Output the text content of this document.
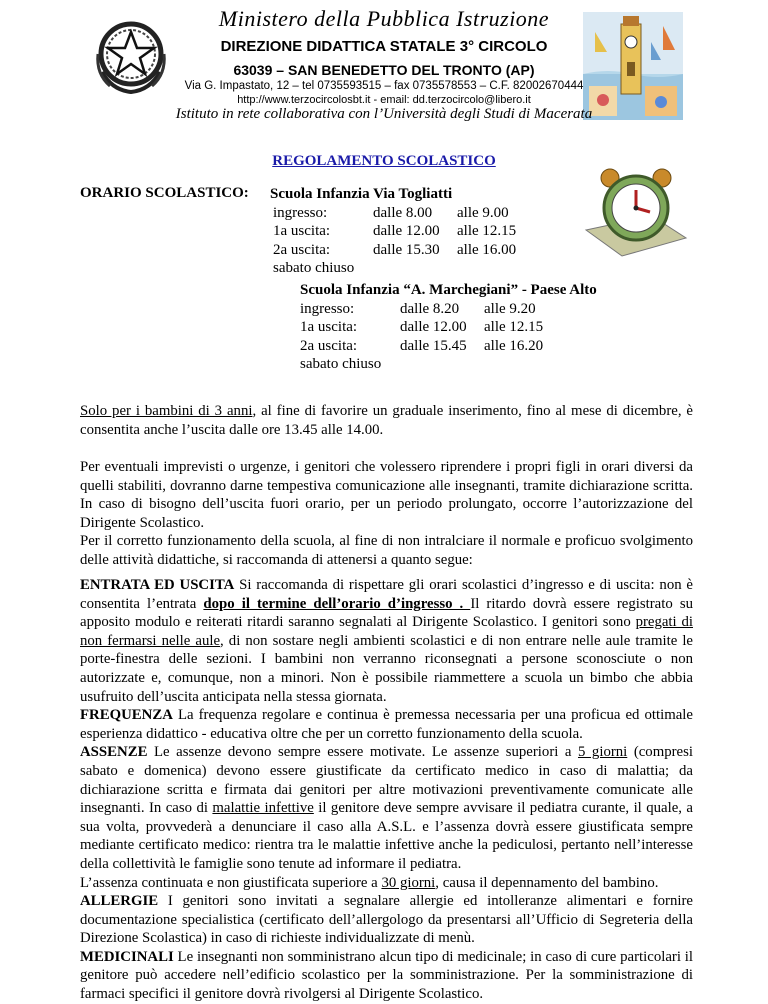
Ministero della Pubblica Istruzione
DIREZIONE DIDATTICA STATALE 3° CIRCOLO
63039 – SAN BENEDETTO DEL TRONTO (AP)
Via G. Impastato, 12 – tel 0735593515 – fax 0735578553 – C.F. 82002670444
http://www.terzocircolosbt.it - email: dd.terzocircolo@libero.it
Istituto in rete collaborativa con l’Università degli Studi di Macerata
REGOLAMENTO SCOLASTICO
ORARIO SCOLASTICO: Scuola Infanzia Via Togliatti
ingresso:	dalle 8.00 alle 9.00
1a uscita:	dalle 12.00 alle 12.15
2a uscita:	dalle 15.30 alle 16.00
sabato chiuso
Scuola Infanzia “A. Marchegiani” - Paese Alto
ingresso:	dalle 8.20 alle 9.20
1a uscita:	dalle 12.00 alle 12.15
2a uscita:	dalle 15.45 alle 16.20
sabato chiuso
Solo per i bambini di 3 anni, al fine di favorire un graduale inserimento, fino al mese di dicembre, è consentita anche l’uscita dalle ore 13.45 alle 14.00.
Per eventuali imprevisti o urgenze, i genitori che volessero riprendere i propri figli in orari diversi da quelli stabiliti, dovranno darne tempestiva comunicazione alle insegnanti, tramite dichiarazione scritta. In caso di bisogno dell’uscita fuori orario, per un periodo prolungato, occorre l’autorizzazione del Dirigente Scolastico.
Per il corretto funzionamento della scuola, al fine di non intralciare il normale e proficuo svolgimento delle attività didattiche, si raccomanda di attenersi a quanto segue:
ENTRATA ED USCITA Si raccomanda di rispettare gli orari scolastici d’ingresso e di uscita: non è consentita l’entrata dopo il termine dell’orario d’ingresso . Il ritardo dovrà essere registrato su apposito modulo e reiterati ritardi saranno segnalati al Dirigente Scolastico. I genitori sono pregati di non fermarsi nelle aule, di non sostare negli ambienti scolastici e di non entrare nelle aule tramite le porte-finestra delle sezioni. I bambini non verranno riconsegnati a persone sconosciute o non autorizzate e, comunque, non a minori. Non è possibile riammettere a scuola un bimbo che abbia usufruito dell’uscita anticipata nella stessa giornata.
FREQUENZA La frequenza regolare e continua è premessa necessaria per una proficua ed ottimale esperienza didattico - educativa oltre che per un corretto funzionamento della scuola.
ASSENZE Le assenze devono sempre essere motivate. Le assenze superiori a 5 giorni (compresi sabato e domenica) devono essere giustificate da certificato medico in caso di malattia; da dichiarazione scritta e firmata dai genitori per altre motivazioni preventivamente comunicate alle insegnanti. In caso di malattie infettive il genitore deve sempre avvisare il pediatra curante, il quale, a sua volta, provvederà a denunciare il caso alla A.S.L. e l’assenza dovrà essere giustificata sempre mediante certificato medico: rientra tra le malattie infettive anche la pediculosi, pertanto nell’interesse della collettività le famiglie sono tenute ad informare il pediatra.
L’assenza continuata e non giustificata superiore a 30 giorni, causa il depennamento del bambino.
ALLERGIE I genitori sono invitati a segnalare allergie ed intolleranze alimentari e fornire documentazione specialistica (certificato dell’allergologo da presentarsi all’Ufficio di Segreteria della Direzione Scolastica) in caso di richieste individualizzate di menù.
MEDICINALI Le insegnanti non somministrano alcun tipo di medicinale; in caso di cure particolari il genitore può accedere nell’edificio scolastico per la somministrazione. Per la somministrazione di farmaci specifici il genitore dovrà rivolgersi al Dirigente Scolastico.
